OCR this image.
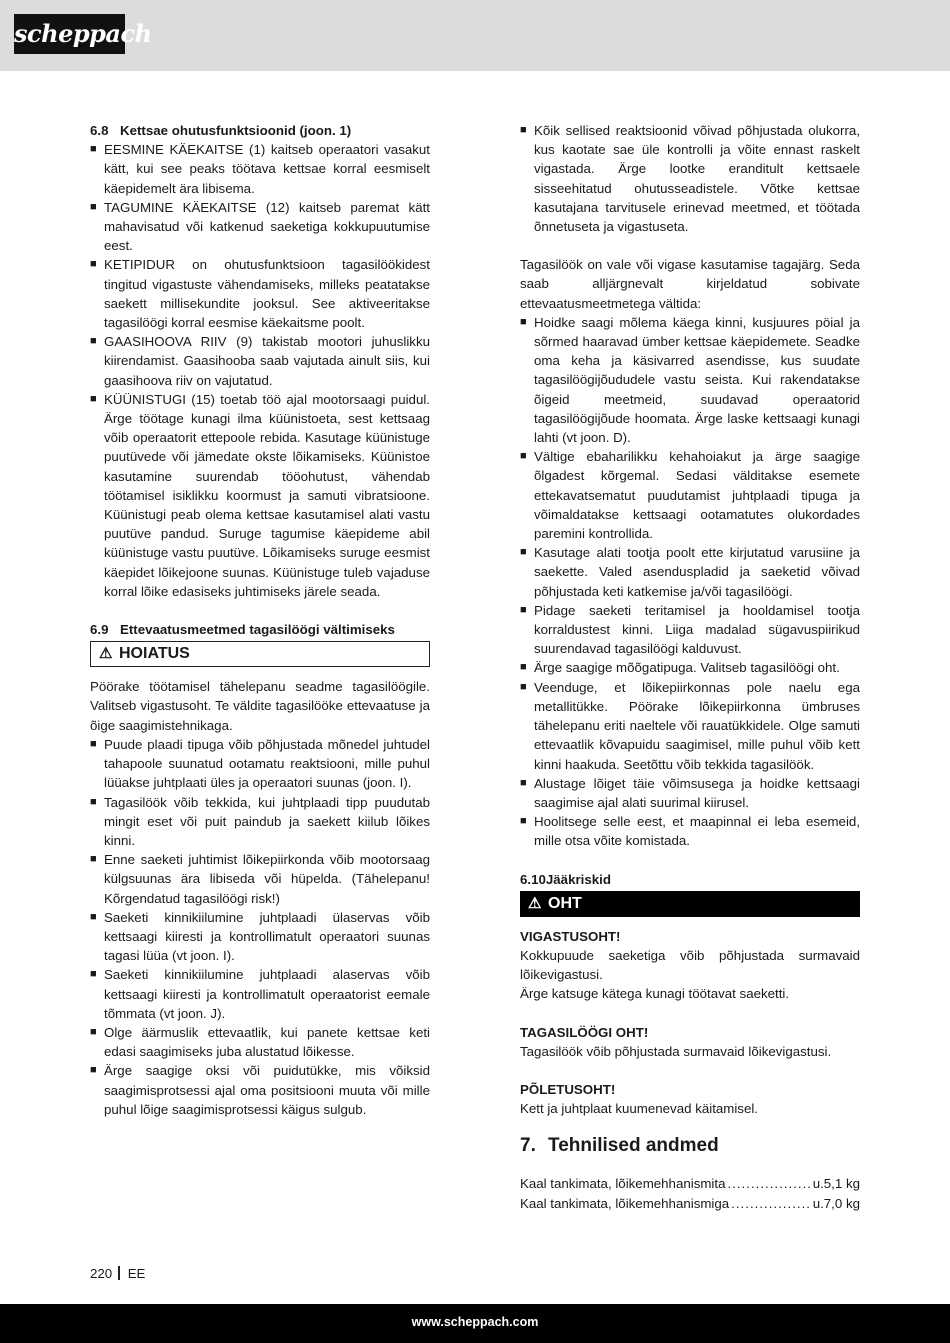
scheppach
6.8 Kettsae ohutusfunktsioonid (joon. 1)
■ EESMINE KÄEKAITSE (1) kaitseb operaatori vasakut kätt, kui see peaks töötava kettsae korral eesmiselt käepidemelt ära libisema.
■ TAGUMINE KÄEKAITSE (12) kaitseb paremat kätt mahavisatud või katkenud saeketiga kokkupuutumise eest.
■ KETIPIDUR on ohutusfunktsioon tagasilöökidest tingitud vigastuste vähendamiseks, milleks peatatakse saekett millisekundite jooksul. See aktiveeritakse tagasilöögi korral eesmise käekaitsme poolt.
■ GAASIHOOVA RIIV (9) takistab mootori juhuslikku kiirendamist. Gaasihooba saab vajutada ainult siis, kui gaasihoova riiv on vajutatud.
■ KÜÜNISTUGI (15) toetab töö ajal mootorsaagi puidul. Ärge töötage kunagi ilma küünistoeta, sest kettsaag võib operaatorit ettepoole rebida. Kasutage küünistuge puutüvede või jämedate okste lõikamiseks. Küünistoe kasutamine suurendab tööohutust, vähendab töötamisel isiklikku koormust ja samuti vibratsioone. Küünistugi peab olema kettsae kasutamisel alati vastu puutüve pandud. Suruge tagumise käepideme abil küünistuge vastu puutüve. Lõikamiseks suruge eesmist käepidet lõikejoone suunas. Küünistuge tuleb vajaduse korral lõike edasiseks juhtimiseks järele seada.
6.9 Ettevaatusmeetmed tagasilöögi vältimiseks
⚠ HOIATUS

Pöörake töötamisel tähelepanu seadme tagasilöögile. Valitseb vigastusoht. Te väldite tagasilööke ettevaatuse ja õige saagimistehnikaga.

■ Puude plaadi tipuga võib põhjustada mõnedel juhtudel tahapoole suunatud ootamatu reaktsiooni, mille puhul lüüakse juhtplaati üles ja operaatori suunas (joon. I).
■ Tagasilöök võib tekkida, kui juhtplaadi tipp puudutab mingit eset või puit paindub ja saekett kiilub lõikes kinni.
■ Enne saeketi juhtimist lõikepiirkonda võib mootorsaag külgsuunas ära libiseda või hüpelda. (Tähelepanu! Kõrgendatud tagasilöögi risk!)
■ Saeketi kinnikiilumine juhtplaadi ülaservas võib kettsaagi kiiresti ja kontrollimatult operaatori suunas tagasi lüüa (vt joon. I).
■ Saeketi kinnikiilumine juhtplaadi alaservas võib kettsaagi kiiresti ja kontrollimatult operaatorist eemale tõmmata (vt joon. J).
■ Olge äärmuslik ettevaatlik, kui panete kettsae keti edasi saagimiseks juba alustatud lõikesse.
■ Ärge saagige oksi või puidutükke, mis võiksid saagimisprotsessi ajal oma positsiooni muuta või mille puhul lõige saagimisprotsessi käigus sulgub.
■ Kõik sellised reaktsioonid võivad põhjustada olukorra, kus kaotate sae üle kontrolli ja võite ennast raskelt vigastada. Ärge lootke eranditult kettsaele sisseehitatud ohutusseadistele. Võtke kettsae kasutajana tarvitusele erinevad meetmed, et töötada õnnetuseta ja vigastuseta.

Tagasilöök on vale või vigase kasutamise tagajärg. Seda saab alljärgnevalt kirjeldatud sobivate ettevaatusmeetmetega vältida:

■ Hoidke saagi mõlema käega kinni, kusjuures pöial ja sõrmed haaravad ümber kettsae käepidemete. Seadke oma keha ja käsivarred asendisse, kus suudate tagasilöögijõududele vastu seista. Kui rakendatakse õigeid meetmeid, suudavad operaatorid tagasilöögijõude hoomata. Ärge laske kettsaagi kunagi lahti (vt joon. D).
■ Vältige ebaharilikku kehahoiakut ja ärge saagige õlgadest kõrgemal. Sedasi välditakse esemete ettekavatsematut puudutamist juhtplaadi tipuga ja võimaldatakse kettsaagi ootamatutes olukordades paremini kontrollida.
■ Kasutage alati tootja poolt ette kirjutatud varusiine ja saekette. Valed asenduspladid ja saeketid võivad põhjustada keti katkemise ja/või tagasilöögi.
■ Pidage saeketi teritamisel ja hooldamisel tootja korraldustest kinni. Liiga madalad sügavuspiirikud suurendavad tagasilöögi kalduvust.
■ Ärge saagige mõõgatipuga. Valitseb tagasilöögi oht.
■ Veenduge, et lõikepiirkonnas pole naelu ega metallitükke. Pöörake lõikepiirkonna ümbruses tähelepanu eriti naeltele või rauatükkidele. Olge samuti ettevaatlik kõvapuidu saagimisel, mille puhul võib kett kinni haakuda. Seetõttu võib tekkida tagasilöök.
■ Alustage lõiget täie võimsusega ja hoidke kettsaagi saagimise ajal alati suurimal kiirusel.
■ Hoolitsege selle eest, et maapinnal ei leba esemeid, mille otsa võite komistada.
6.10Jääkriskid
⚠ OHT
VIGASTUSOHT!

Kokkupuude saeketiga võib põhjustada surmavaid lõikevigastusi.

Ärge katsuge kätega kunagi töötavat saeketti.

TAGASILÖÖGI OHT!

Tagasilöök võib põhjustada surmavaid lõikevigastusi.

PÕLETUSOHT!

Kett ja juhtplaat kuumenevad käitamisel.

7. Tehnilised andmed
Kaal tankimata, lõikemehhanismita .....	u.5,1 kg
Kaal tankimata, lõikemehhanismiga .....	u.7,0 kg
220 EE
www.scheppach.com
